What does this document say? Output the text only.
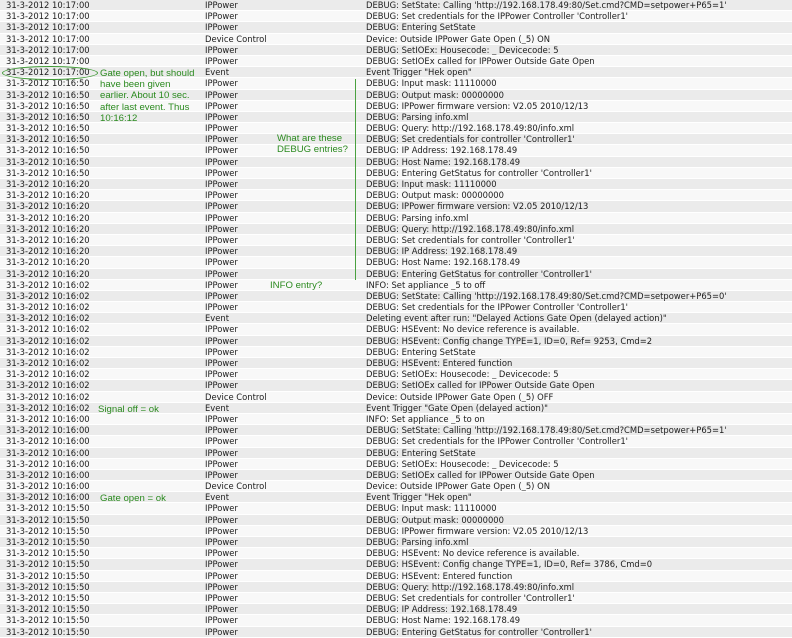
31-3-2012 10:17:00	IPPower	DEBUG: SetState: Calling 'http://192.168.178.49:80/Set.cmd?CMD=setpower+P65=1'
31-3-2012 10:17:00	IPPower	DEBUG: Set credentials for the IPPower Controller 'Controller1'
31-3-2012 10:17:00	IPPower	DEBUG: Entering SetState
31-3-2012 10:17:00	Device Control	Device: Outside IPPower Gate Open (_5) ON
31-3-2012 10:17:00	IPPower	DEBUG: SetIOEx: Housecode: _ Devicecode: 5
31-3-2012 10:17:00	IPPower	DEBUG: SetIOEx called for IPPower Outside Gate Open
31-3-2012 10:17:00	Event	Event Trigger "Hek open"
31-3-2012 10:16:50	IPPower	DEBUG: Input mask: 11110000
31-3-2012 10:16:50	IPPower	DEBUG: Output mask: 00000000
31-3-2012 10:16:50	IPPower	DEBUG: IPPower firmware version: V2.05 2010/12/13
31-3-2012 10:16:50	IPPower	DEBUG: Parsing info.xml
31-3-2012 10:16:50	IPPower	DEBUG: Query: http://192.168.178.49:80/info.xml
31-3-2012 10:16:50	IPPower	DEBUG: Set credentials for controller 'Controller1'
31-3-2012 10:16:50	IPPower	DEBUG: IP Address: 192.168.178.49
31-3-2012 10:16:50	IPPower	DEBUG: Host Name: 192.168.178.49
31-3-2012 10:16:50	IPPower	DEBUG: Entering GetStatus for controller 'Controller1'
31-3-2012 10:16:20	IPPower	DEBUG: Input mask: 11110000
31-3-2012 10:16:20	IPPower	DEBUG: Output mask: 00000000
31-3-2012 10:16:20	IPPower	DEBUG: IPPower firmware version: V2.05 2010/12/13
31-3-2012 10:16:20	IPPower	DEBUG: Parsing info.xml
31-3-2012 10:16:20	IPPower	DEBUG: Query: http://192.168.178.49:80/info.xml
31-3-2012 10:16:20	IPPower	DEBUG: Set credentials for controller 'Controller1'
31-3-2012 10:16:20	IPPower	DEBUG: IP Address: 192.168.178.49
31-3-2012 10:16:20	IPPower	DEBUG: Host Name: 192.168.178.49
31-3-2012 10:16:20	IPPower	DEBUG: Entering GetStatus for controller 'Controller1'
31-3-2012 10:16:02	IPPower	INFO: Set appliance _5 to off
31-3-2012 10:16:02	IPPower	DEBUG: SetState: Calling 'http://192.168.178.49:80/Set.cmd?CMD=setpower+P65=0'
31-3-2012 10:16:02	IPPower	DEBUG: Set credentials for the IPPower Controller 'Controller1'
31-3-2012 10:16:02	Event	Deleting event after run: "Delayed Actions Gate Open (delayed action)"
31-3-2012 10:16:02	IPPower	DEBUG: HSEvent: No device reference is available.
31-3-2012 10:16:02	IPPower	DEBUG: HSEvent: Config change TYPE=1, ID=0, Ref= 9253, Cmd=2
31-3-2012 10:16:02	IPPower	DEBUG: Entering SetState
31-3-2012 10:16:02	IPPower	DEBUG: HSEvent: Entered function
31-3-2012 10:16:02	IPPower	DEBUG: SetIOEx: Housecode: _ Devicecode: 5
31-3-2012 10:16:02	IPPower	DEBUG: SetIOEx called for IPPower Outside Gate Open
31-3-2012 10:16:02	Device Control	Device: Outside IPPower Gate Open (_5) OFF
31-3-2012 10:16:02	Event	Event Trigger "Gate Open (delayed action)"
31-3-2012 10:16:00	IPPower	INFO: Set appliance _5 to on
31-3-2012 10:16:00	IPPower	DEBUG: SetState: Calling 'http://192.168.178.49:80/Set.cmd?CMD=setpower+P65=1'
31-3-2012 10:16:00	IPPower	DEBUG: Set credentials for the IPPower Controller 'Controller1'
31-3-2012 10:16:00	IPPower	DEBUG: Entering SetState
31-3-2012 10:16:00	IPPower	DEBUG: SetIOEx: Housecode: _ Devicecode: 5
31-3-2012 10:16:00	IPPower	DEBUG: SetIOEx called for IPPower Outside Gate Open
31-3-2012 10:16:00	Device Control	Device: Outside IPPower Gate Open (_5) ON
31-3-2012 10:16:00	Event	Event Trigger "Hek open"
31-3-2012 10:15:50	IPPower	DEBUG: Input mask: 11110000
31-3-2012 10:15:50	IPPower	DEBUG: Output mask: 00000000
31-3-2012 10:15:50	IPPower	DEBUG: IPPower firmware version: V2.05 2010/12/13
31-3-2012 10:15:50	IPPower	DEBUG: Parsing info.xml
31-3-2012 10:15:50	IPPower	DEBUG: HSEvent: No device reference is available.
31-3-2012 10:15:50	IPPower	DEBUG: HSEvent: Config change TYPE=1, ID=0, Ref= 3786, Cmd=0
31-3-2012 10:15:50	IPPower	DEBUG: HSEvent: Entered function
31-3-2012 10:15:50	IPPower	DEBUG: Query: http://192.168.178.49:80/info.xml
31-3-2012 10:15:50	IPPower	DEBUG: Set credentials for controller 'Controller1'
31-3-2012 10:15:50	IPPower	DEBUG: IP Address: 192.168.178.49
31-3-2012 10:15:50	IPPower	DEBUG: Host Name: 192.168.178.49
31-3-2012 10:15:50	IPPower	DEBUG: Entering GetStatus for controller 'Controller1'
Gate open, but should have been given earlier. About 10 sec. after last event. Thus 10:16:12
What are these DEBUG entries?
INFO entry?
Signal off = ok
Gate open = ok
